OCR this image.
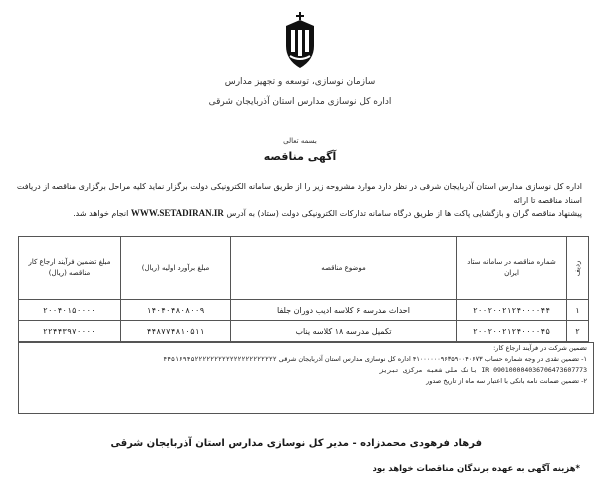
سازمان نوسازی، توسعه و تجهیز مدارس
اداره کل نوسازی مدارس استان آذربایجان شرقی
بسمه تعالی
آگهی مناقصه
اداره کل نوسازی مدارس استان آذربایجان شرقی در نظر دارد موارد مشروحه زیر را از طریق سامانه الکترونیکی دولت برگزار نماید کلیه مراحل برگزاری مناقصه از دریافت اسناد مناقصه تا ارائه
پیشنهاد مناقصه گران و بازگشایی پاکت ها از طریق درگاه سامانه تدارکات الکترونیکی دولت (ستاد) به آدرس WWW.SETADIRAN.IR انجام خواهد شد.
ردیف	شماره مناقصه در سامانه ستاد ایران	موضوع مناقصه	مبلغ برآورد اولیه (ریال)	مبلغ تضمین فرآیند ارجاع کار مناقصه (ریال)
۱	۲۰۰۲۰۰۲۱۲۴۰۰۰۰۴۴	احداث مدرسه ۶ کلاسه ادیب دوران جلفا	۱۴۰۴۰۴۸۰۸۰۰۹	۲۰۰۴۰۱۵۰۰۰۰
۲	۲۰۰۲۰۰۲۱۲۴۰۰۰۰۴۵	تکمیل مدرسه ۱۸ کلاسه یناب	۴۴۸۷۷۴۸۱۰۵۱۱	۲۲۴۴۳۹۷۰۰۰۰
تضمین شرکت در فرآیند ارجاع کار:
۱- تضمین نقدی در وجه شماره حساب ۴۱۰۰۰۰۰۰۹۶۳۵۹۰۰۴۰۶۷۳ اداره کل نوسازی مدارس استان آذربایجان شرقی ۴۴۵۱۶۹۴۵۲۲۲۲۲۲۲۲۲۲۲۲۲۲۲۲۲۲۲۲۲
IR 090100004036706473607773 بانک ملی شعبه مرکزی تبریز
۲- تضمین ضمانت نامه بانکی با اعتبار سه ماه از تاریخ صدور
فرهاد فرهودی محمدزاده - مدیر کل نوسازی مدارس استان آذربایجان شرقی
*هزینه آگهی به عهده برندگان مناقصات خواهد بود
